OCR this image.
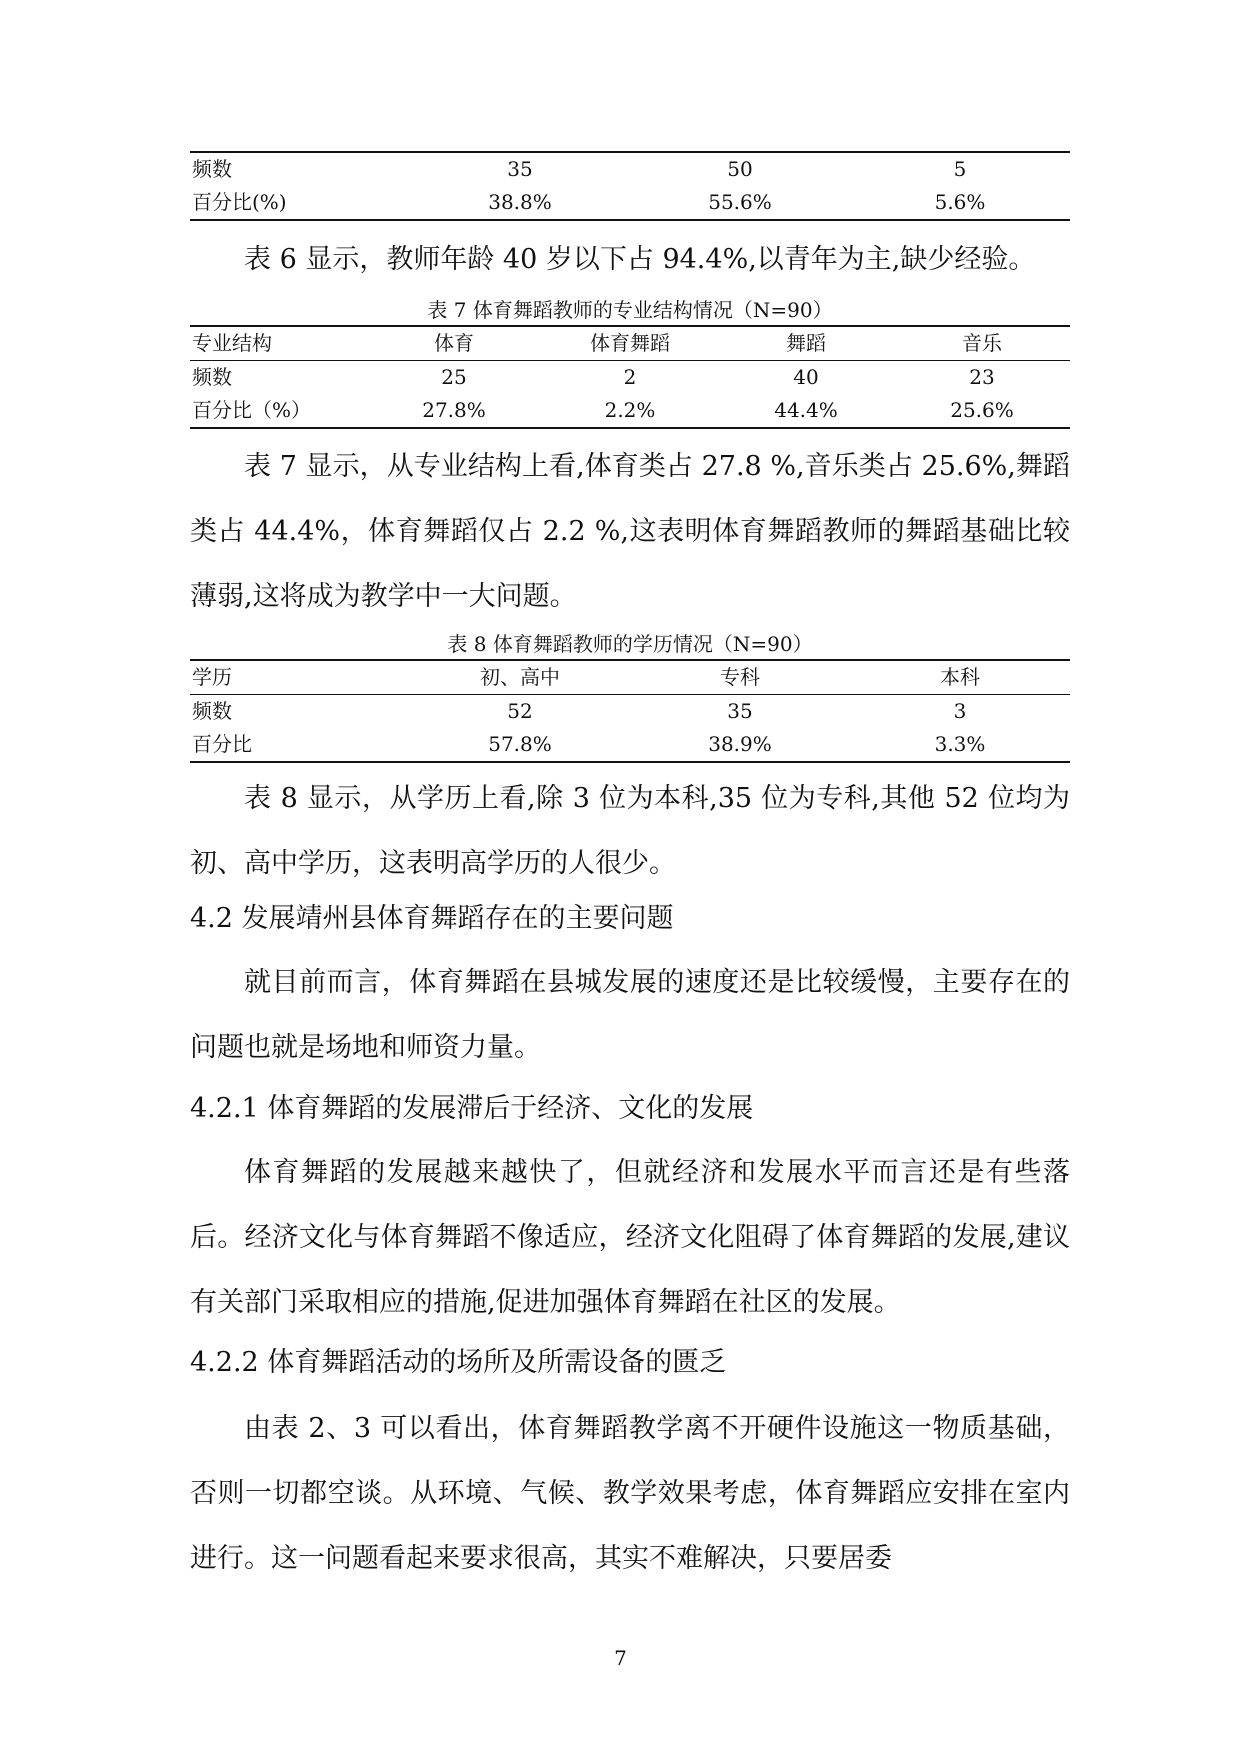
频数	35	50	5
百分比(%)	38.8%	55.6%	5.6%

表 6 显示，教师年龄 40 岁以下占 94.4%,以青年为主,缺少经验。

表 7 体育舞蹈教师的专业结构情况（N=90）
专业结构	体育	体育舞蹈	舞蹈	音乐
频数	25	2	40	23
百分比（%）	27.8%	2.2%	44.4%	25.6%

表 7 显示，从专业结构上看,体育类占 27.8 %,音乐类占 25.6%,舞蹈类占 44.4%，体育舞蹈仅占 2.2 %,这表明体育舞蹈教师的舞蹈基础比较薄弱,这将成为教学中一大问题。

表 8 体育舞蹈教师的学历情况（N=90）
学历	初、高中	专科	本科
频数	52	35	3
百分比	57.8%	38.9%	3.3%

表 8 显示，从学历上看,除 3 位为本科,35 位为专科,其他 52 位均为初、高中学历，这表明高学历的人很少。

4.2 发展靖州县体育舞蹈存在的主要问题

就目前而言，体育舞蹈在县城发展的速度还是比较缓慢，主要存在的问题也就是场地和师资力量。

4.2.1 体育舞蹈的发展滞后于经济、文化的发展

体育舞蹈的发展越来越快了，但就经济和发展水平而言还是有些落后。经济文化与体育舞蹈不像适应，经济文化阻碍了体育舞蹈的发展,建议有关部门采取相应的措施,促进加强体育舞蹈在社区的发展。

4.2.2 体育舞蹈活动的场所及所需设备的匮乏

由表 2、3 可以看出，体育舞蹈教学离不开硬件设施这一物质基础，否则一切都空谈。从环境、气候、教学效果考虑，体育舞蹈应安排在室内进行。这一问题看起来要求很高，其实不难解决，只要居委

7
